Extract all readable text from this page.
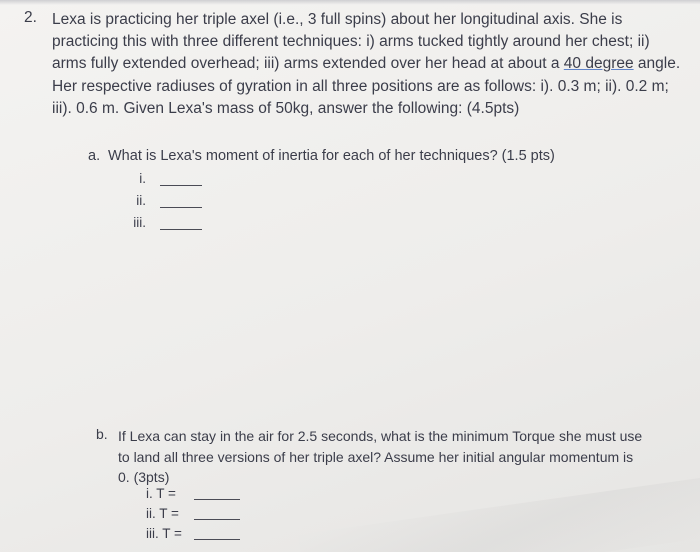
2. Lexa is practicing her triple axel (i.e., 3 full spins) about her longitudinal axis. She is
practicing this with three different techniques: i) arms tucked tightly around her chest; ii)
arms fully extended overhead; iii) arms extended over her head at about a 40 degree angle.
Her respective radiuses of gyration in all three positions are as follows: i). 0.3 m; ii). 0.2 m;
iii). 0.6 m. Given Lexa's mass of 50kg, answer the following: (4.5pts)
a. What is Lexa's moment of inertia for each of her techniques? (1.5 pts)
i.
ii.
iii.
b. If Lexa can stay in the air for 2.5 seconds, what is the minimum Torque she must use
to land all three versions of her triple axel? Assume her initial angular momentum is
0. (3pts)
i. T =
ii. T =
iii. T =
